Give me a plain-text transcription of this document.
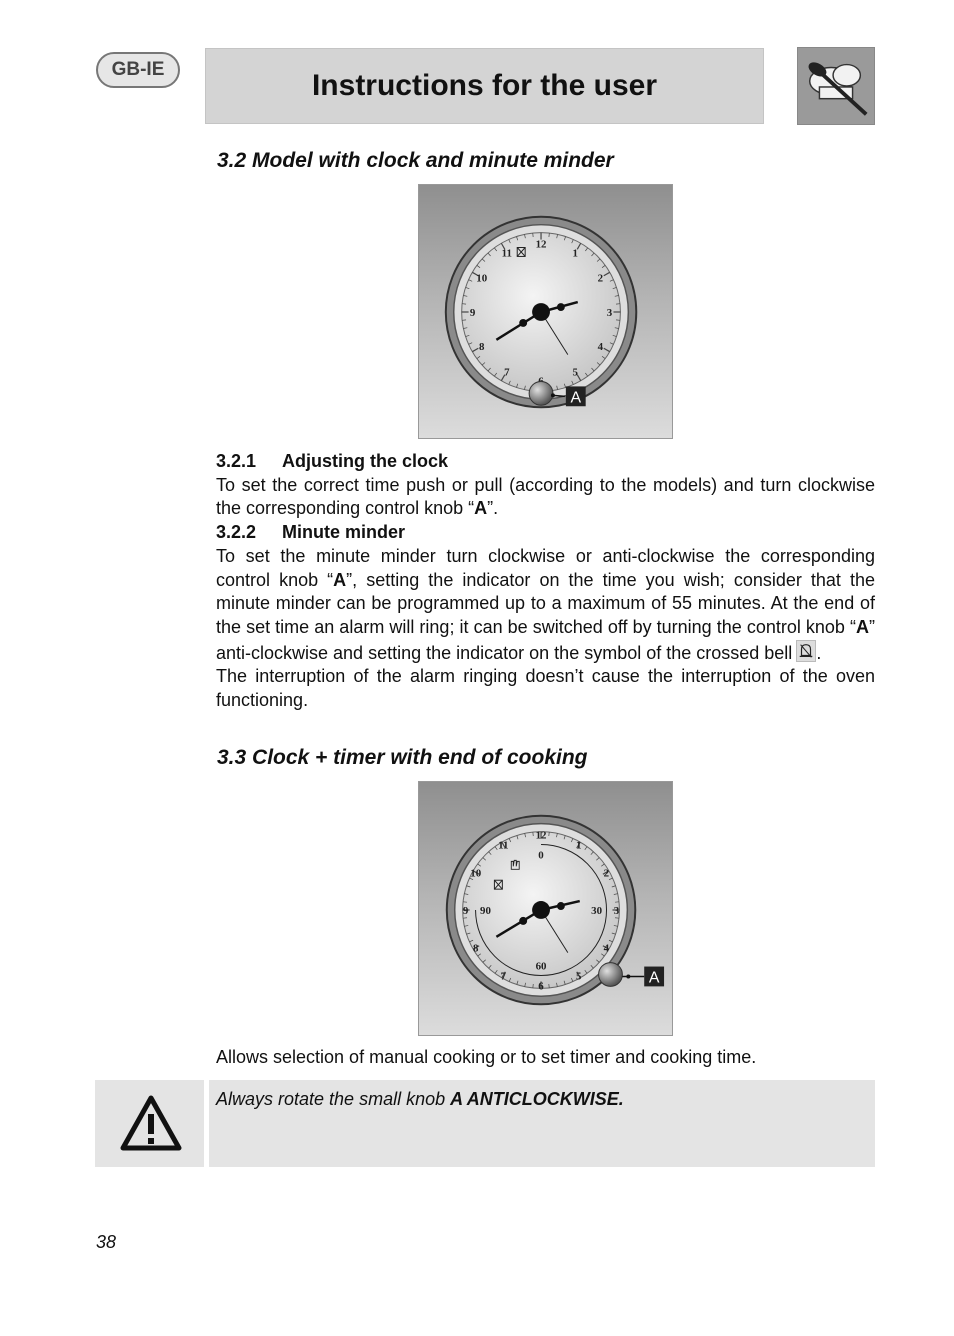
GB-IE	Instructions for the user
3.2 Model with clock and minute minder
12
1
2
3
4
5
7
8
9
10
11
A
3.2.1 Adjusting the clock

To set the correct time push or pull (according to the models) and turn clockwise the corresponding control knob “A”.

3.2.2 Minute minder

To set the minute minder turn clockwise or anti-clockwise the corresponding control knob “A”, setting the indicator on the time you wish; consider that the minute minder can be programmed up to a maximum of 55 minutes. At the end of the set time an alarm will ring; it can be switched off by turning the control knob “A” anti-clockwise and setting the indicator on the symbol of the crossed bell .

The interruption of the alarm ringing doesn’t cause the interruption of the oven functioning.

3.3 Clock + timer with end of cooking
12
1
2
3
4
5
6
7
8
9
10
11
0
30
60
90
A
Allows selection of manual cooking or to set timer and cooking time.
Always rotate the small knob A ANTICLOCKWISE.
38
